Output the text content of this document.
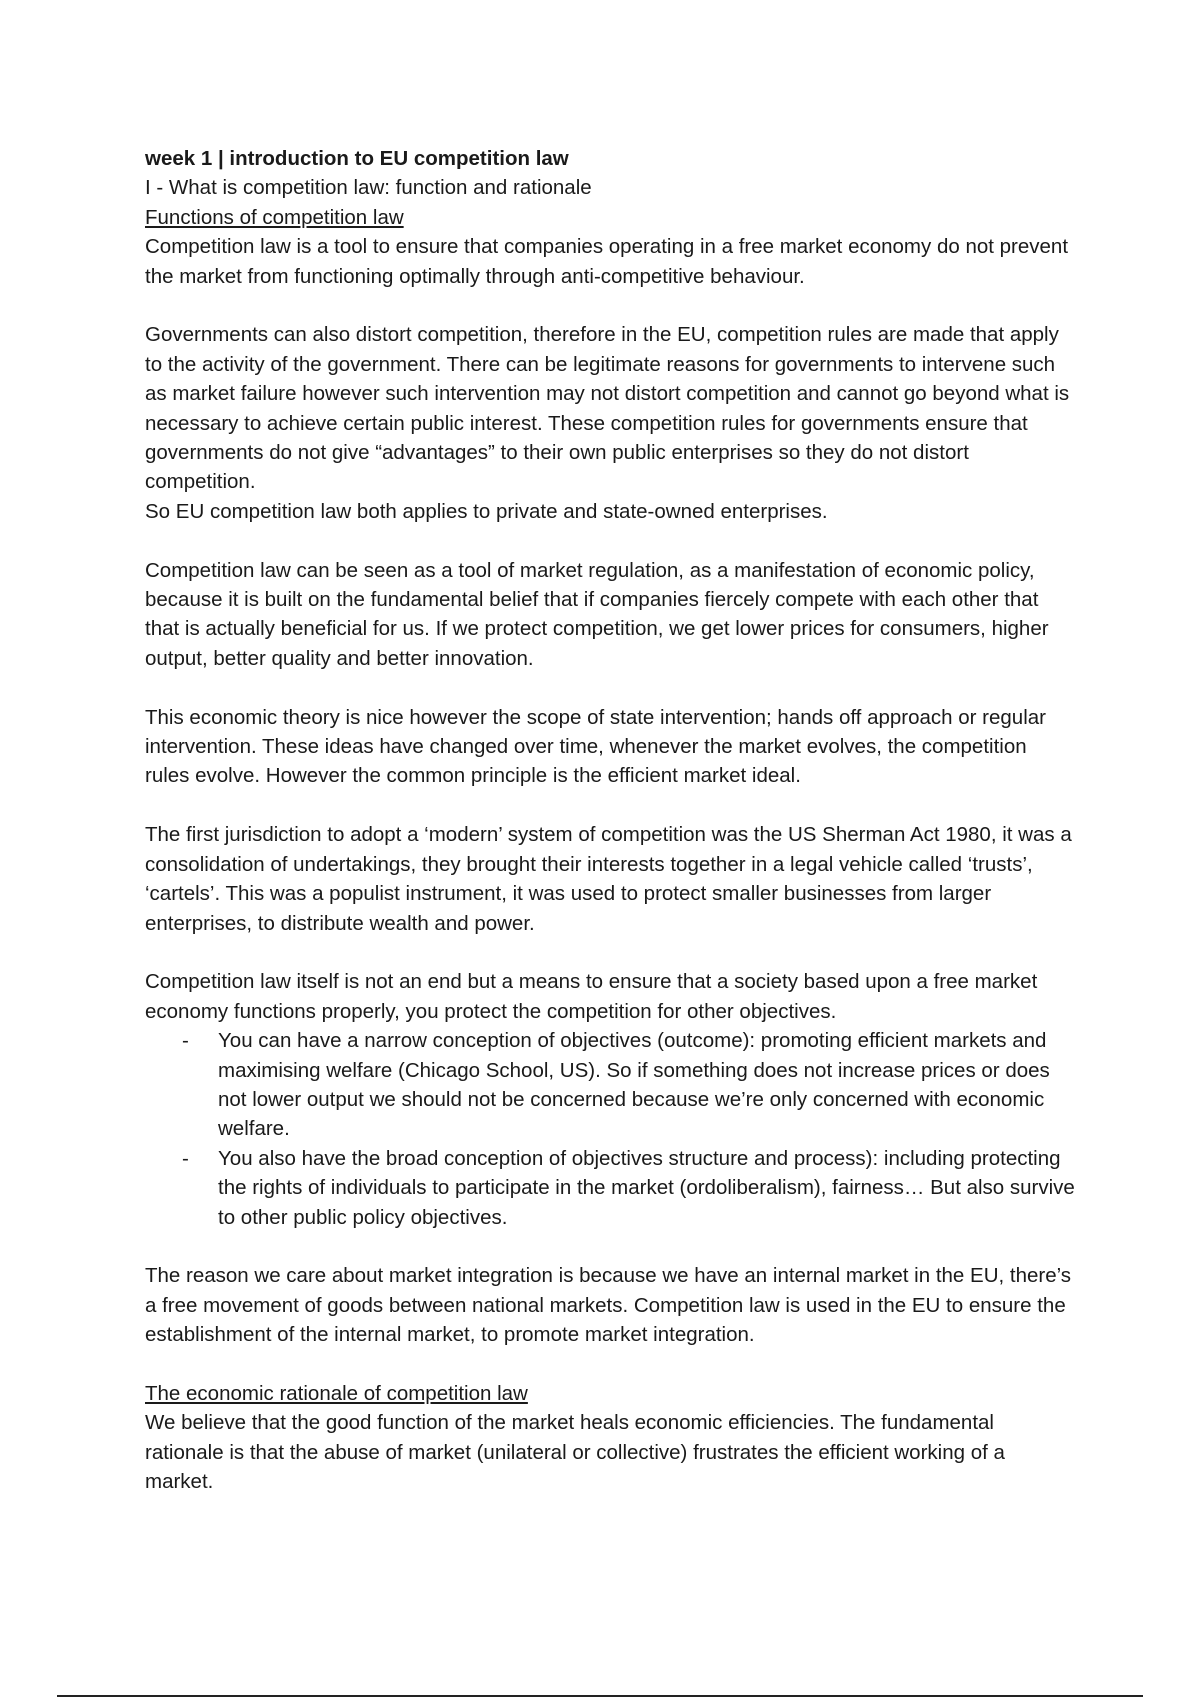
week 1 | introduction to EU competition law
I - What is competition law: function and rationale
Functions of competition law

Competition law is a tool to ensure that companies operating in a free market economy do not prevent the market from functioning optimally through anti-competitive behaviour.

Governments can also distort competition, therefore in the EU, competition rules are made that apply to the activity of the government. There can be legitimate reasons for governments to intervene such as market failure however such intervention may not distort competition and cannot go beyond what is necessary to achieve certain public interest. These competition rules for governments ensure that governments do not give “advantages” to their own public enterprises so they do not distort competition.

So EU competition law both applies to private and state-owned enterprises.

Competition law can be seen as a tool of market regulation, as a manifestation of economic policy, because it is built on the fundamental belief that if companies fiercely compete with each other that that is actually beneficial for us. If we protect competition, we get lower prices for consumers, higher output, better quality and better innovation.

This economic theory is nice however the scope of state intervention; hands off approach or regular intervention. These ideas have changed over time, whenever the market evolves, the competition rules evolve. However the common principle is the efficient market ideal.

The first jurisdiction to adopt a ‘modern’ system of competition was the US Sherman Act 1980, it was a consolidation of undertakings, they brought their interests together in a legal vehicle called ‘trusts’, ‘cartels’. This was a populist instrument, it was used to protect smaller businesses from larger enterprises, to distribute wealth and power.

Competition law itself is not an end but a means to ensure that a society based upon a free market economy functions properly, you protect the competition for other objectives.

- You can have a narrow conception of objectives (outcome): promoting efficient markets and maximising welfare (Chicago School, US). So if something does not increase prices or does not lower output we should not be concerned because we’re only concerned with economic welfare.
- You also have the broad conception of objectives structure and process): including protecting the rights of individuals to participate in the market (ordoliberalism), fairness… But also survive to other public policy objectives.

The reason we care about market integration is because we have an internal market in the EU, there’s a free movement of goods between national markets. Competition law is used in the EU to ensure the establishment of the internal market, to promote market integration.

The economic rationale of competition law

We believe that the good function of the market heals economic efficiencies. The fundamental rationale is that the abuse of market (unilateral or collective) frustrates the efficient working of a market.
